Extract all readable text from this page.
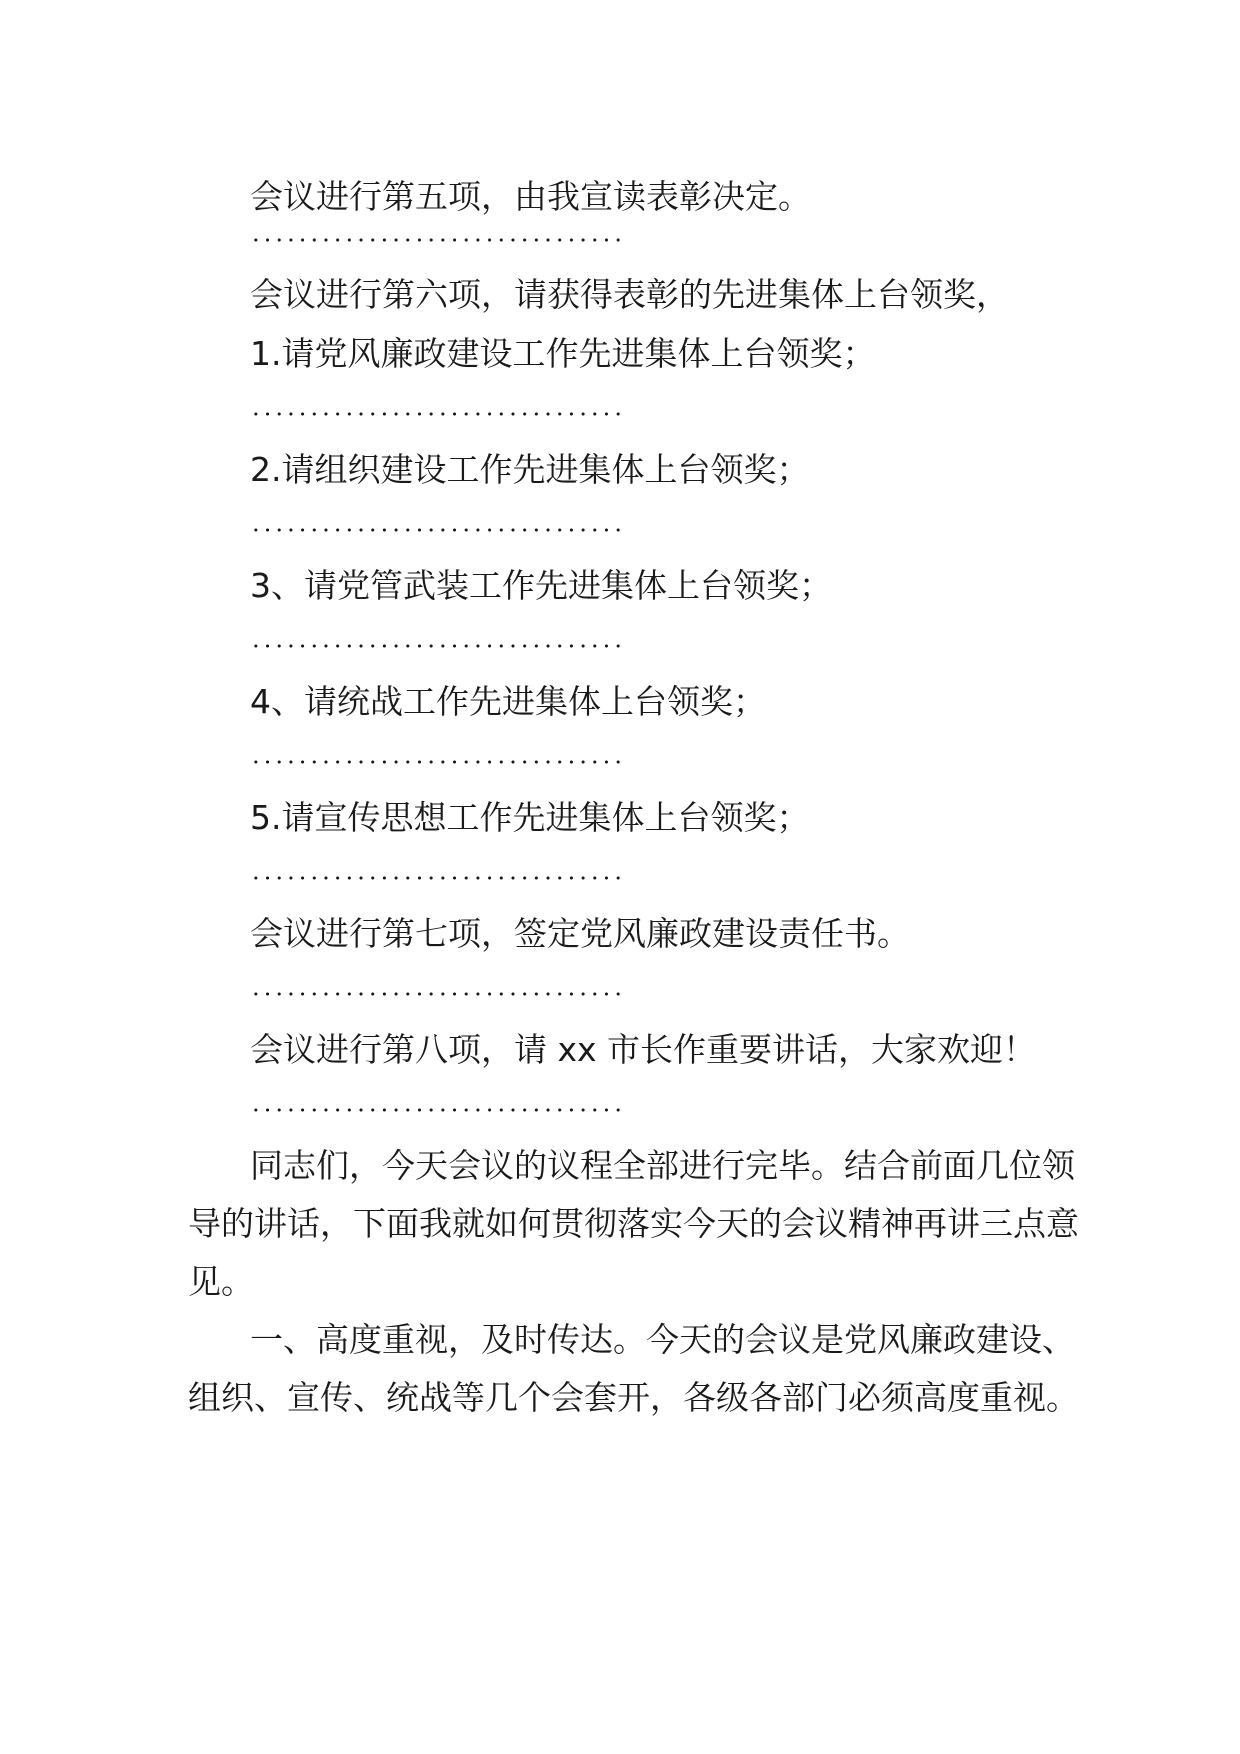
会议进行第五项，由我宣读表彰决定。
会议进行第六项，请获得表彰的先进集体上台领奖，
1.请党风廉政建设工作先进集体上台领奖；
2.请组织建设工作先进集体上台领奖；
3、请党管武装工作先进集体上台领奖；
4、请统战工作先进集体上台领奖；
5.请宣传思想工作先进集体上台领奖；
会议进行第七项，签定党风廉政建设责任书。
会议进行第八项，请 xx 市长作重要讲话，大家欢迎！
同志们，今天会议的议程全部进行完毕。结合前面几位领
导的讲话，下面我就如何贯彻落实今天的会议精神再讲三点意
见。
一、高度重视，及时传达。今天的会议是党风廉政建设、
组织、宣传、统战等几个会套开，各级各部门必须高度重视。
